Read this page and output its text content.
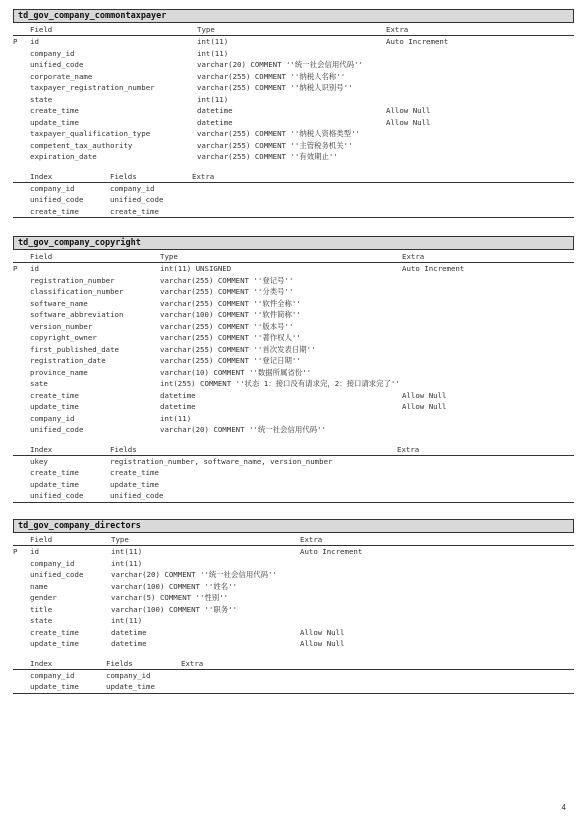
td_gov_company_commontaxpayer
Field	Type	Extra
P id	int(11)	Auto Increment
company_id	int(11)
unified_code	varchar(20) COMMENT ''统一社会信用代码''
corporate_name	varchar(255) COMMENT ''纳税人名称''
taxpayer_registration_number	varchar(255) COMMENT ''纳税人识别号''
state	int(11)
create_time	datetime	Allow Null
update_time	datetime	Allow Null
taxpayer_qualification_type	varchar(255) COMMENT ''纳税人资格类型''
competent_tax_authority	varchar(255) COMMENT ''主管税务机关''
expiration_date	varchar(255) COMMENT ''有效期止''
Index	Fields	Extra
company_id	company_id
unified_code	unified_code
create_time	create_time
td_gov_company_copyright
Field	Type	Extra
P id	int(11) UNSIGNED	Auto Increment
registration_number	varchar(255) COMMENT ''登记号''
classification_number	varchar(255) COMMENT ''分类号''
software_name	varchar(255) COMMENT ''软件全称''
software_abbreviation	varchar(100) COMMENT ''软件简称''
version_number	varchar(255) COMMENT ''版本号''
copyright_owner	varchar(255) COMMENT ''著作权人''
first_published_date	varchar(255) COMMENT ''首次发表日期''
registration_date	varchar(255) COMMENT ''登记日期''
province_name	varchar(10) COMMENT ''数据所属省份''
sate	int(255) COMMENT ''状态 1：接口没有请求完，2：接口请求完了''
create_time	datetime	Allow Null
update_time	datetime	Allow Null
company_id	int(11)
unified_code	varchar(20) COMMENT ''统一社会信用代码''
Index	Fields	Extra
ukey	registration_number, software_name, version_number
create_time	create_time
update_time	update_time
unified_code	unified_code
td_gov_company_directors
Field	Type	Extra
P id	int(11)	Auto Increment
company_id	int(11)
unified_code	varchar(20) COMMENT ''统一社会信用代码''
name	varchar(100) COMMENT ''姓名''
gender	varchar(5) COMMENT ''性别''
title	varchar(100) COMMENT ''职务''
state	int(11)
create_time	datetime	Allow Null
update_time	datetime	Allow Null
Index	Fields	Extra
company_id	company_id
update_time	update_time
4
